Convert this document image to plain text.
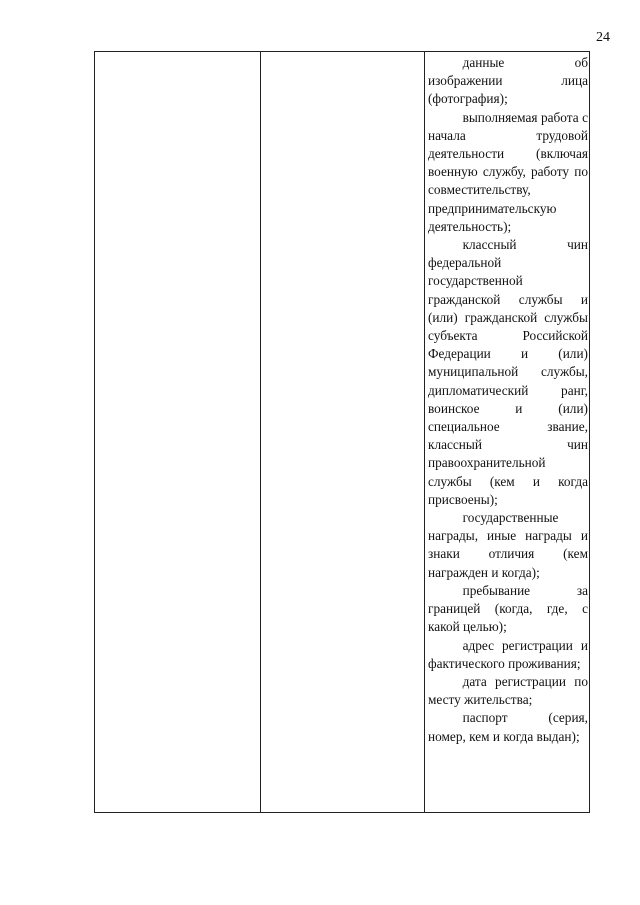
24

данные об изображении лица (фотография);

выполняемая работа с начала трудовой деятельности (включая военную службу, работу по совместительству, предпринимательскую деятельность);

классный чин федеральной государственной гражданской службы и (или) гражданской службы субъекта Российской Федерации и (или) муниципальной службы, дипломатический ранг, воинское и (или) специальное звание, классный чин правоохранительной службы (кем и когда присвоены);

государственные награды, иные награды и знаки отличия (кем награжден и когда);

пребывание за границей (когда, где, с какой целью);

адрес регистрации и фактического проживания;

дата регистрации по месту жительства;

паспорт (серия, номер, кем и когда выдан);
